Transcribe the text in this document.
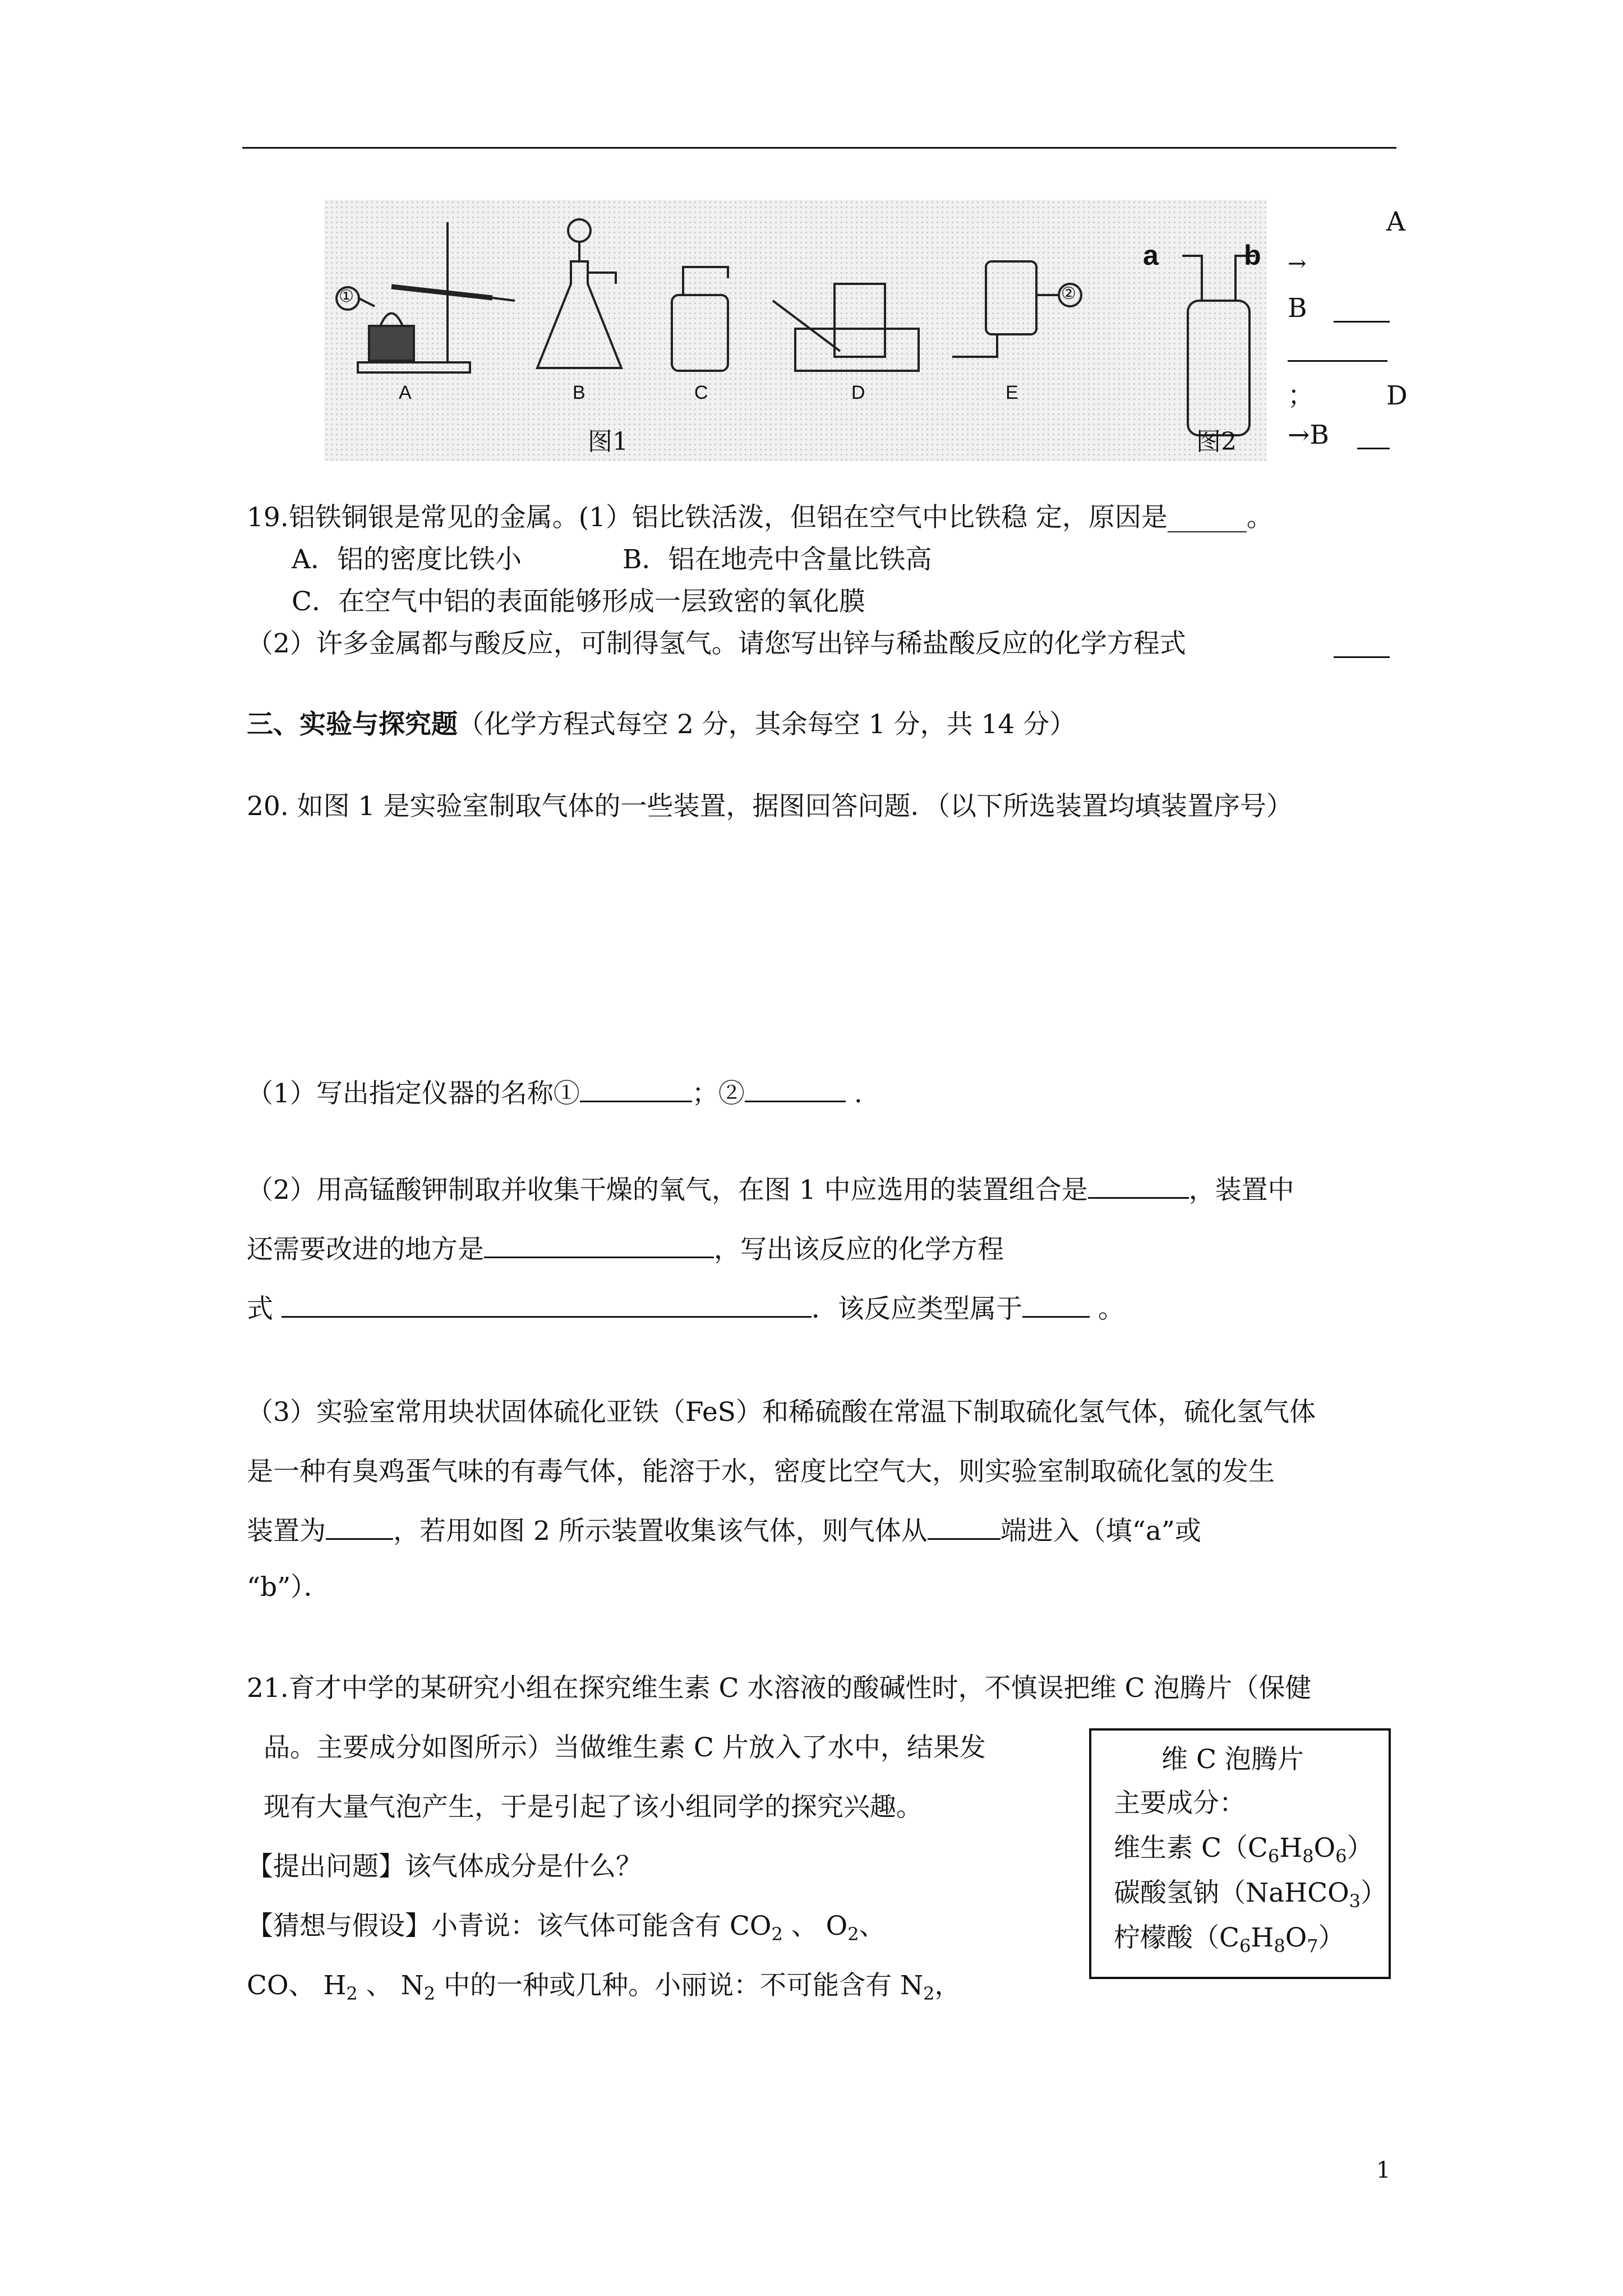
A	B	C	D	E
①	②
图1	图2
a	b
A
→
B
；	D
→B
19.铝铁铜银是常见的金属。(1）铝比铁活泼，但铝在空气中比铁稳 定，原因是______。
A．铝的密度比铁小	B．铝在地壳中含量比铁高
C．在空气中铝的表面能够形成一层致密的氧化膜
（2）许多金属都与酸反应，可制得氢气。请您写出锌与稀盐酸反应的化学方程式
三、实验与探究题（化学方程式每空 2 分，其余每空 1 分，共 14 分）
20. 如图 1 是实验室制取气体的一些装置，据图回答问题．（以下所选装置均填装置序号）
（1）写出指定仪器的名称①	；②	.
（2）用高锰酸钾制取并收集干燥的氧气，在图 1 中应选用的装置组合是	，装置中
还需要改进的地方是	，写出该反应的化学方程
式	．该反应类型属于	。
（3）实验室常用块状固体硫化亚铁（FeS）和稀硫酸在常温下制取硫化氢气体，硫化氢气体
是一种有臭鸡蛋气味的有毒气体，能溶于水，密度比空气大，则实验室制取硫化氢的发生
装置为	，若用如图 2 所示装置收集该气体，则气体从	端进入（填“a”或
“b”）．
21.育才中学的某研究小组在探究维生素 C 水溶液的酸碱性时，不慎误把维 C 泡腾片（保健
品。主要成分如图所示）当做维生素 C 片放入了水中，结果发
现有大量气泡产生，于是引起了该小组同学的探究兴趣。
【提出问题】该气体成分是什么？
【猜想与假设】小青说：该气体可能含有 $CO_2$ 、 $O_2$、
CO、 $H_2$ 、 $N_2$ 中的一种或几种。小丽说：不可能含有 $N_2$，
维 C 泡腾片
主要成分：
维生素 $C(C_6H_8O_6)$
碳酸氢钠（NaHCO$_3$）
柠檬酸$(C_6H_8O_7)$
1
